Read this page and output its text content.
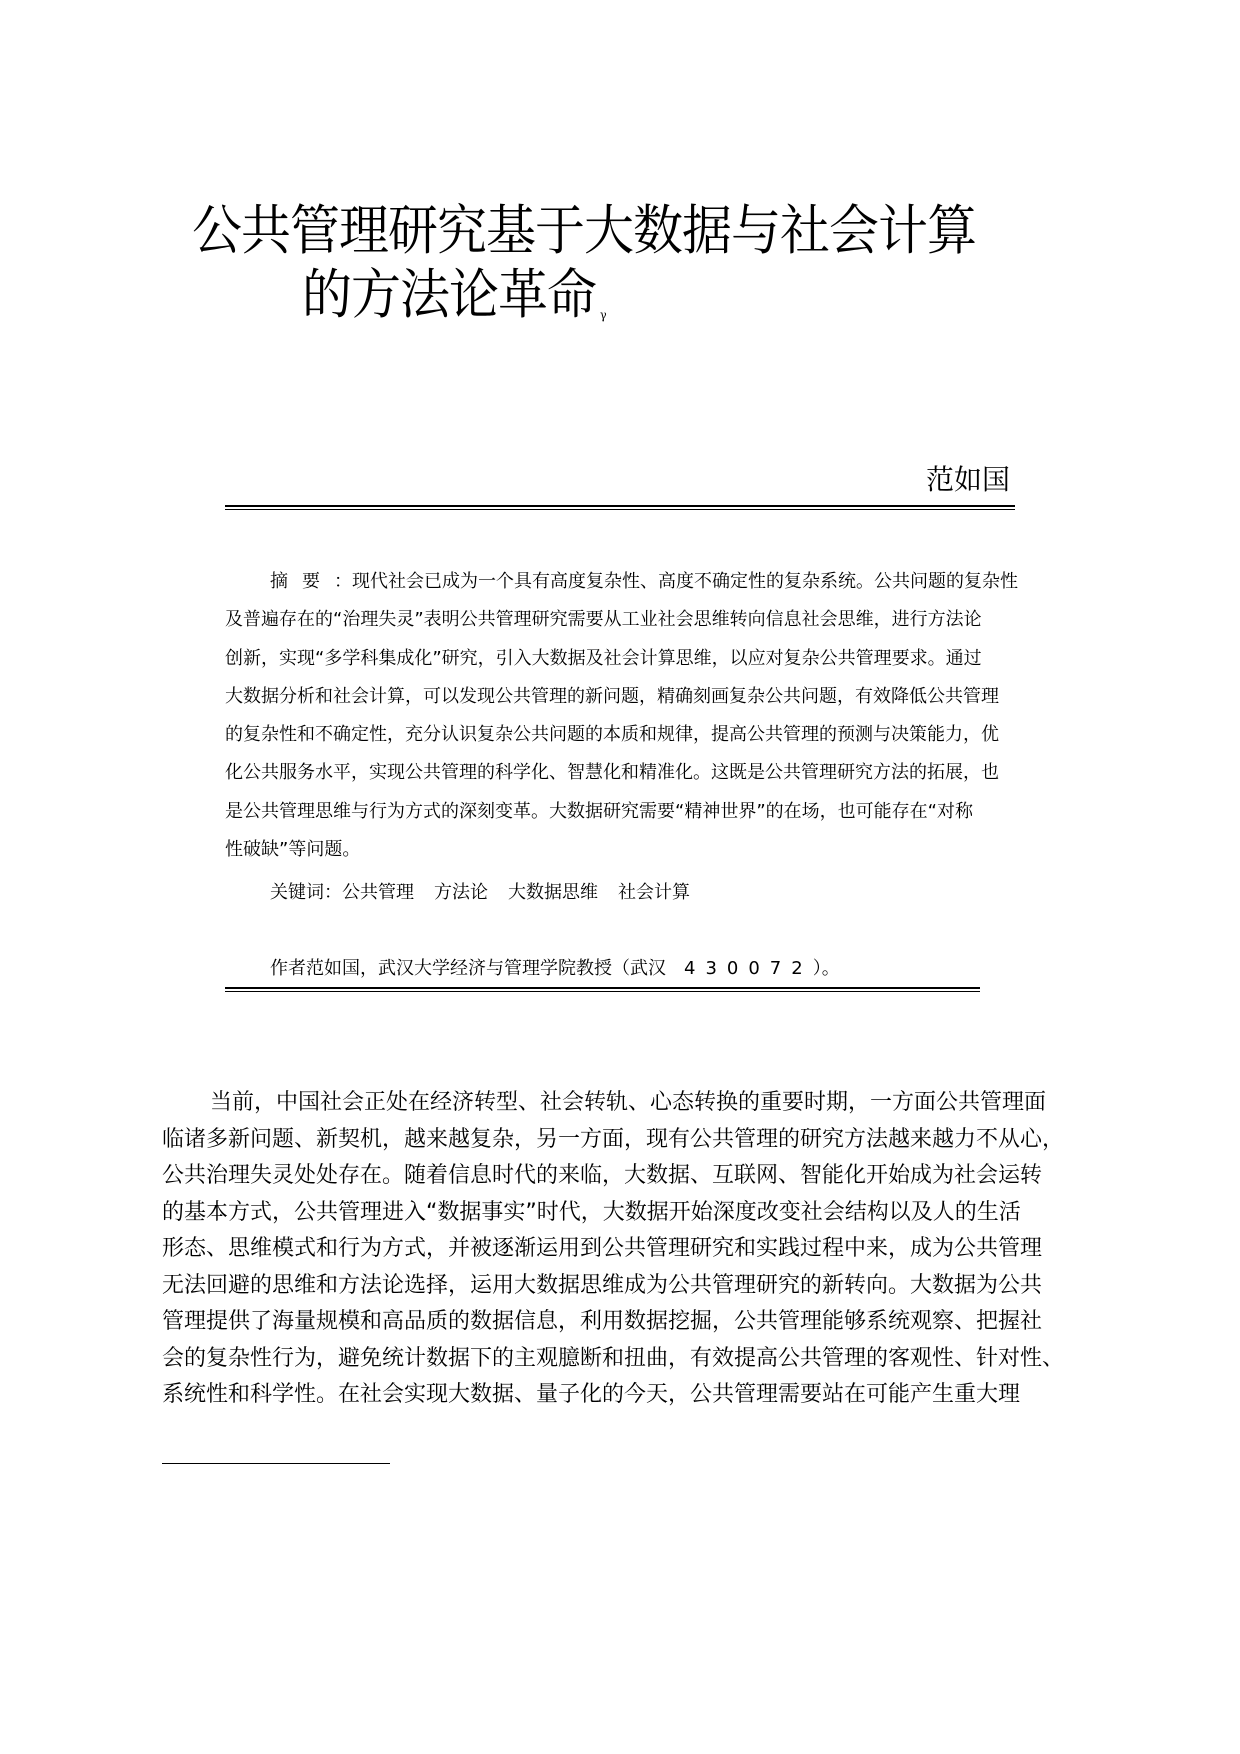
公共管理研究基于大数据与社会计算
的方法论革命 $^\gamma$
范如国
摘要：现代社会已成为一个具有高度复杂性、高度不确定性的复杂系统。公共问题的复杂性
及普遍存在的“治理失灵”表明公共管理研究需要从工业社会思维转向信息社会思维，进行方法论
创新，实现“多学科集成化”研究，引入大数据及社会计算思维，以应对复杂公共管理要求。通过
大数据分析和社会计算，可以发现公共管理的新问题，精确刻画复杂公共问题，有效降低公共管理
的复杂性和不确定性，充分认识复杂公共问题的本质和规律，提高公共管理的预测与决策能力，优
化公共服务水平，实现公共管理的科学化、智慧化和精准化。这既是公共管理研究方法的拓展，也
是公共管理思维与行为方式的深刻变革。大数据研究需要“精神世界”的在场，也可能存在“对称
性破缺”等问题。
关键词：公共管理 方法论 大数据思维 社会计算
作者范如国，武汉大学经济与管理学院教授（武汉 430072）。
当前，中国社会正处在经济转型、社会转轨、心态转换的重要时期，一方面公共管理面
临诸多新问题、新契机，越来越复杂，另一方面，现有公共管理的研究方法越来越力不从心，
公共治理失灵处处存在。随着信息时代的来临，大数据、互联网、智能化开始成为社会运转
的基本方式，公共管理进入“数据事实”时代，大数据开始深度改变社会结构以及人的生活
形态、思维模式和行为方式，并被逐渐运用到公共管理研究和实践过程中来，成为公共管理
无法回避的思维和方法论选择，运用大数据思维成为公共管理研究的新转向。大数据为公共
管理提供了海量规模和高品质的数据信息，利用数据挖掘，公共管理能够系统观察、把握社
会的复杂性行为，避免统计数据下的主观臆断和扭曲，有效提高公共管理的客观性、针对性、
系统性和科学性。在社会实现大数据、量子化的今天，公共管理需要站在可能产生重大理
